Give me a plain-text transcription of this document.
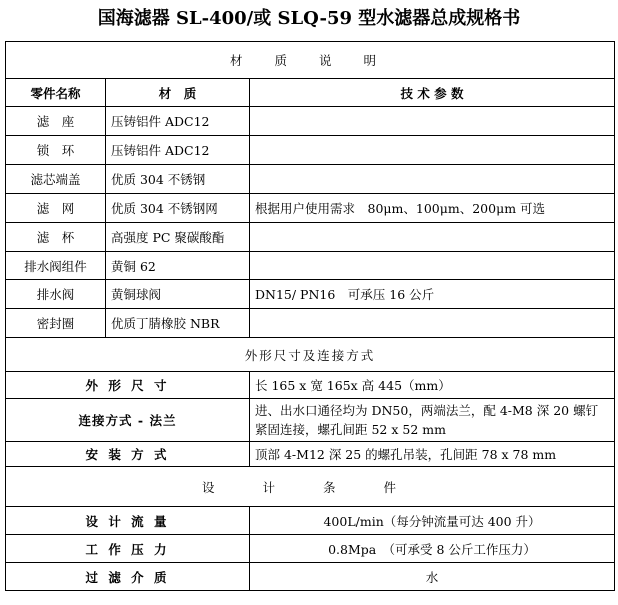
国海滤器 SL-400/或 SLQ-59 型水滤器总成规格书
材 质 说 明		
零件名称	材　质	技 术 参 数
滤　座	压铸铝件 ADC12	
锁　环	压铸铝件 ADC12	
滤芯端盖	优质 304 不锈钢	
滤　网	优质 304 不锈钢网	根据用户使用需求　80μm、100μm、200μm 可选
滤　杯	高强度 PC 聚碳酸酯	
排水阀组件	黄铜 62	
排水阀	黄铜球阀	DN15/ PN16　可承压 16 公斤
密封圈	优质丁腈橡胶 NBR	
外形尺寸及连接方式		
外 形 尺 寸		长 165 x 宽 165x 高 445（mm）
连接方式 - 法兰		进、出水口通径均为 DN50，两端法兰，配 4-M8 深 20 螺钉紧固连接，螺孔间距 52 x 52 mm
安 装 方 式		顶部 4-M12 深 25 的螺孔吊装，孔间距 78 x 78 mm
设 计 条 件		
设 计 流 量		400L/min（每分钟流量可达 400 升）
工 作 压 力		0.8Mpa　（可承受 8 公斤工作压力）
过 滤 介 质		水
